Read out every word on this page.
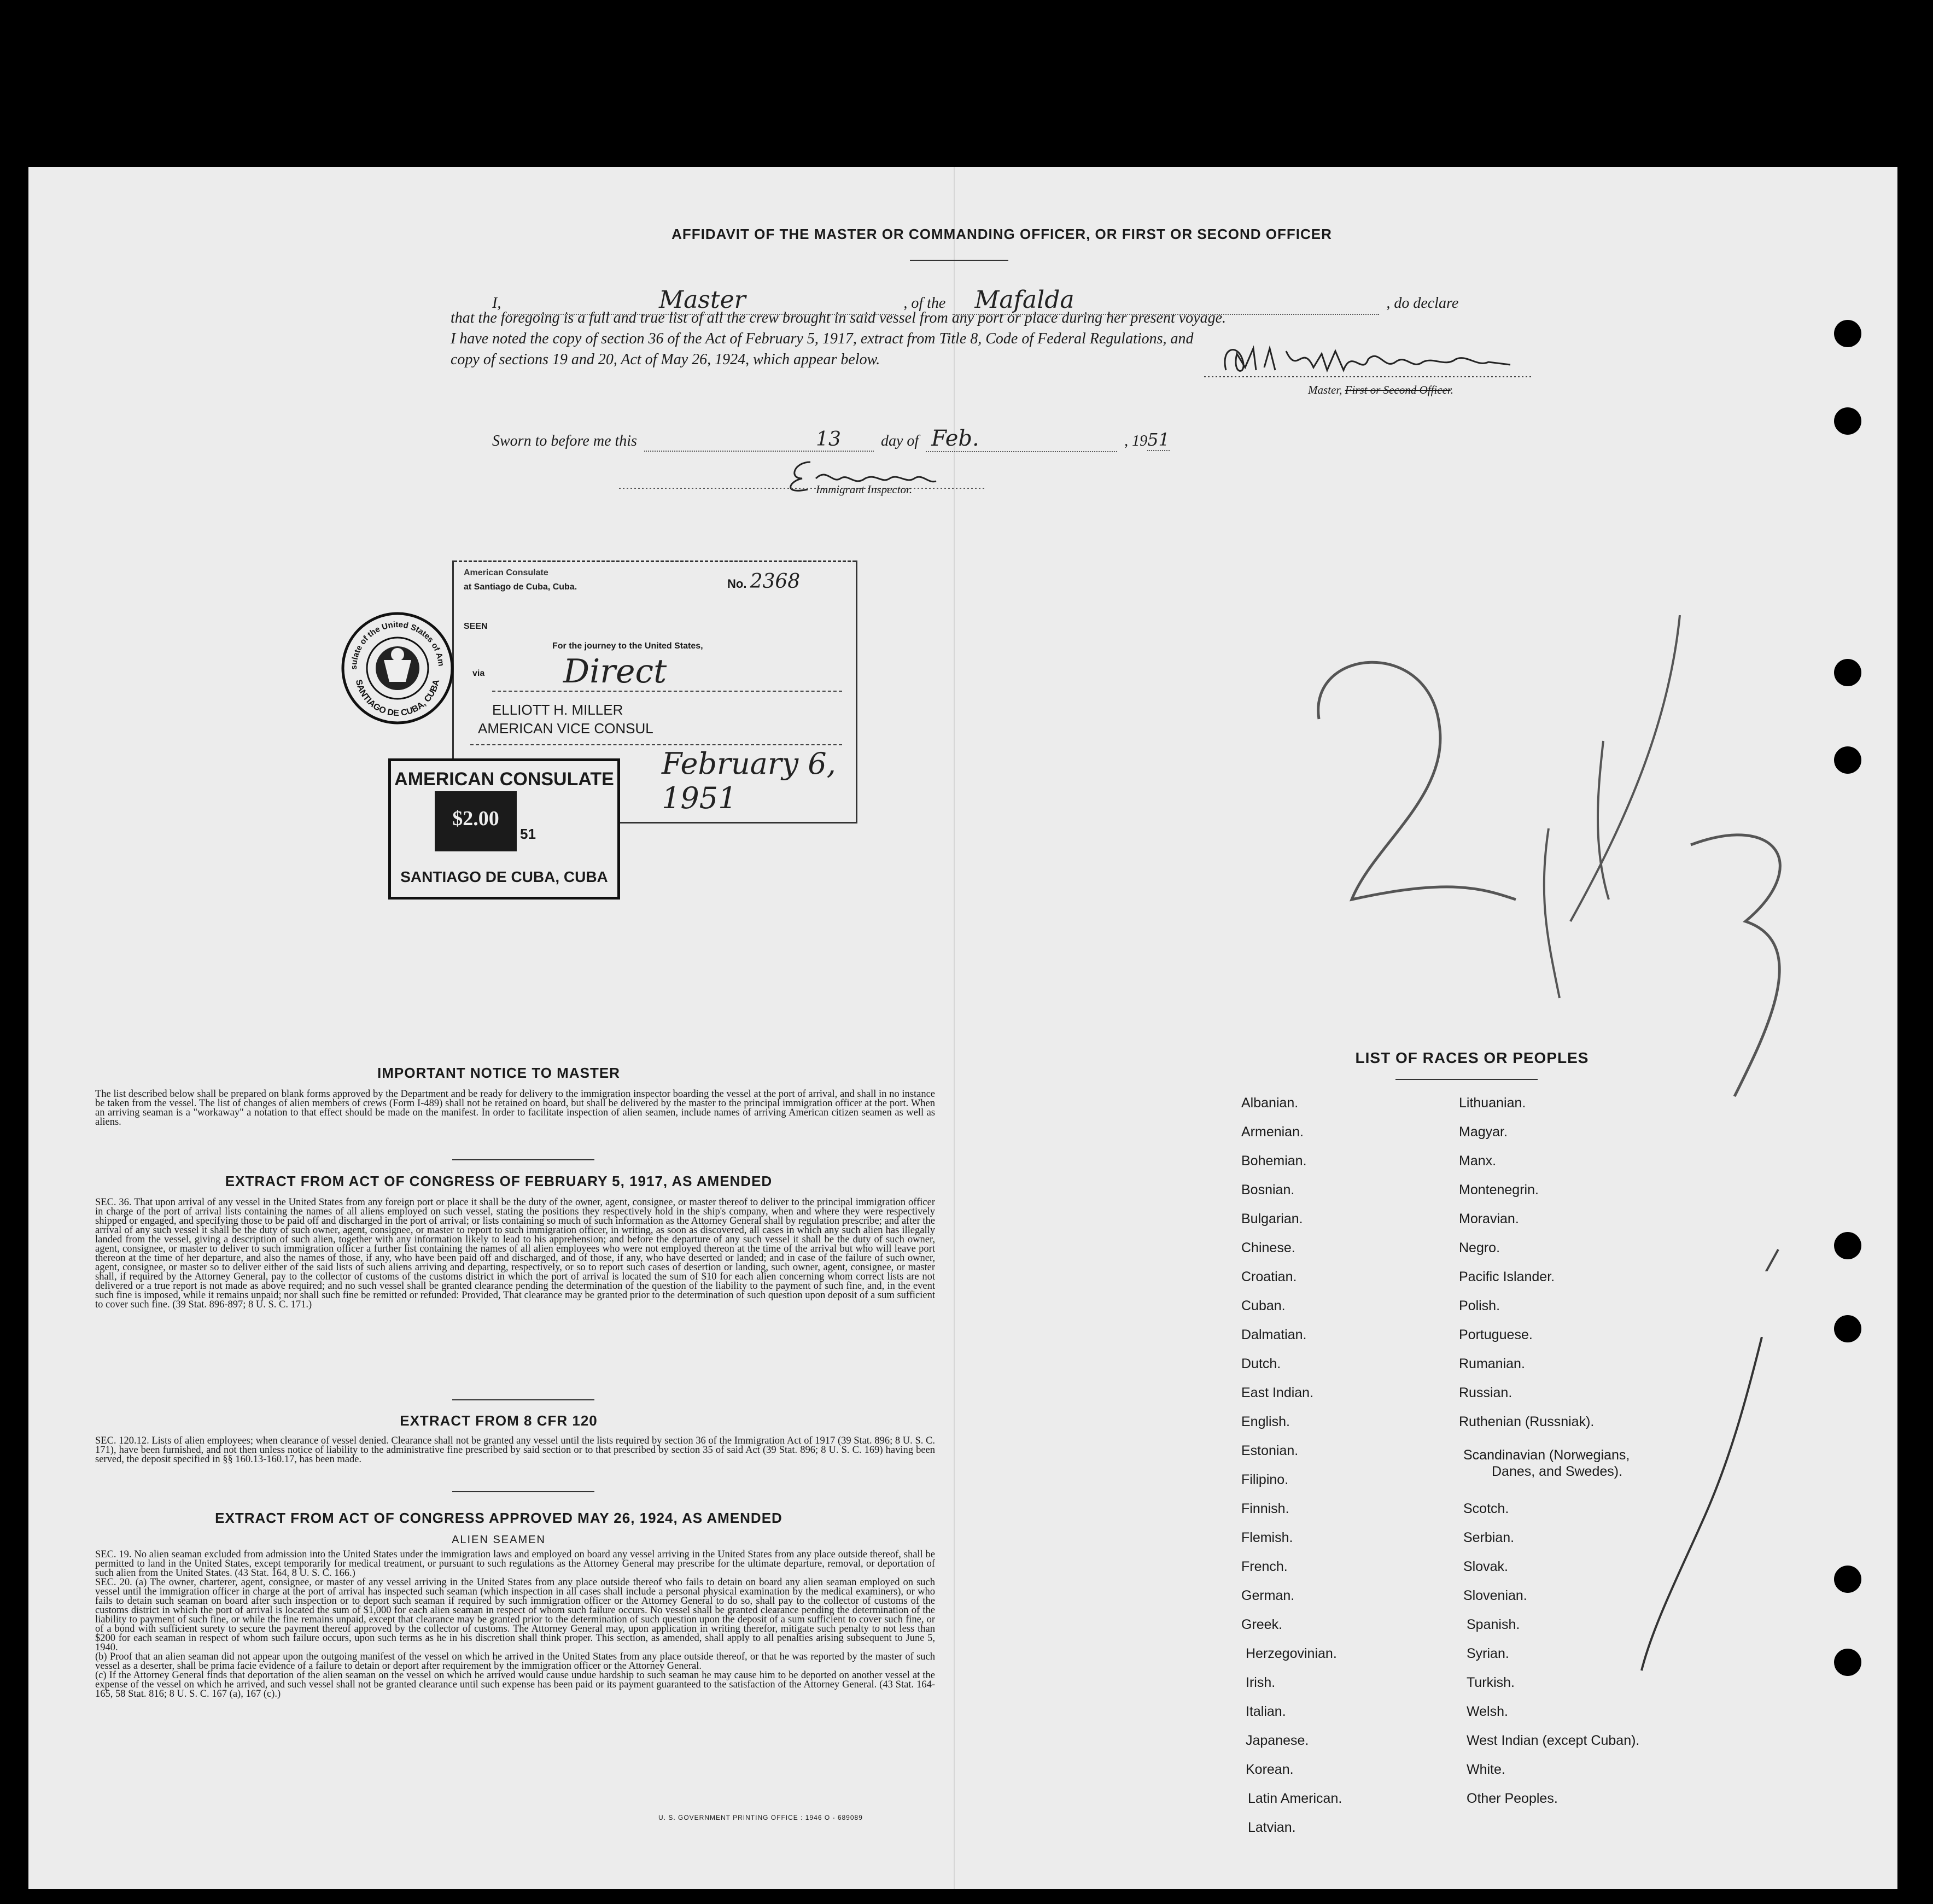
AFFIDAVIT OF THE MASTER OR COMMANDING OFFICER, OR FIRST OR SECOND OFFICER
I,	Master	, of the Mafalda	, do declare
that the foregoing is a full and true list of all the crew brought in said vessel from any port or place during her present voyage.
I have noted the copy of section 36 of the Act of February 5, 1917, extract from Title 8, Code of Federal Regulations, and
copy of sections 19 and 20, Act of May 26, 1924, which appear below.
Master, First or Second Officer.
Sworn to before me this	13	day of Feb.	, 1951
Immigrant Inspector.
American Consulate
at Santiago de Cuba, Cuba.	No. 2368
SEEN
For the journey to the United States,
via Direct
ELLIOTT H. MILLER
AMERICAN VICE CONSUL
February 6, 1951
sulate of the United States of Am
SANTIAGO DE CUBA, CUBA
AMERICAN CONSULATE
$2.00
51
SANTIAGO DE CUBA, CUBA
IMPORTANT NOTICE TO MASTER
The list described below shall be prepared on blank forms approved by the Department and be ready for delivery to the immigration inspector boarding the vessel at the port of arrival, and shall in no instance be taken from the vessel. The list of changes of alien members of crews (Form I-489) shall not be retained on board, but shall be delivered by the master to the principal immigration officer at the port. When an arriving seaman is a "workaway" a notation to that effect should be made on the manifest. In order to facilitate inspection of alien seamen, include names of arriving American citizen seamen as well as aliens.
EXTRACT FROM ACT OF CONGRESS OF FEBRUARY 5, 1917, AS AMENDED
SEC. 36. That upon arrival of any vessel in the United States from any foreign port or place it shall be the duty of the owner, agent, consignee, or master thereof to deliver to the principal immigration officer in charge of the port of arrival lists containing the names of all aliens employed on such vessel, stating the positions they respectively hold in the ship's company, when and where they were respectively shipped or engaged, and specifying those to be paid off and discharged in the port of arrival; or lists containing so much of such information as the Attorney General shall by regulation prescribe; and after the arrival of any such vessel it shall be the duty of such owner, agent, consignee, or master to report to such immigration officer, in writing, as soon as discovered, all cases in which any such alien has illegally landed from the vessel, giving a description of such alien, together with any information likely to lead to his apprehension; and before the departure of any such vessel it shall be the duty of such owner, agent, consignee, or master to deliver to such immigration officer a further list containing the names of all alien employees who were not employed thereon at the time of the arrival but who will leave port thereon at the time of her departure, and also the names of those, if any, who have been paid off and discharged, and of those, if any, who have deserted or landed; and in case of the failure of such owner, agent, consignee, or master so to deliver either of the said lists of such aliens arriving and departing, respectively, or so to report such cases of desertion or landing, such owner, agent, consignee, or master shall, if required by the Attorney General, pay to the collector of customs of the customs district in which the port of arrival is located the sum of $10 for each alien concerning whom correct lists are not delivered or a true report is not made as above required; and no such vessel shall be granted clearance pending the determination of the question of the liability to the payment of such fine, and, in the event such fine is imposed, while it remains unpaid; nor shall such fine be remitted or refunded: Provided, That clearance may be granted prior to the determination of such question upon deposit of a sum sufficient to cover such fine. (39 Stat. 896-897; 8 U. S. C. 171.)
EXTRACT FROM 8 CFR 120
SEC. 120.12. Lists of alien employees; when clearance of vessel denied. Clearance shall not be granted any vessel until the lists required by section 36 of the Immigration Act of 1917 (39 Stat. 896; 8 U. S. C. 171), have been furnished, and not then unless notice of liability to the administrative fine prescribed by said section or to that prescribed by section 35 of said Act (39 Stat. 896; 8 U. S. C. 169) having been served, the deposit specified in §§ 160.13-160.17, has been made.
EXTRACT FROM ACT OF CONGRESS APPROVED MAY 26, 1924, AS AMENDED
ALIEN SEAMEN
SEC. 19. No alien seaman excluded from admission into the United States under the immigration laws and employed on board any vessel arriving in the United States from any place outside thereof, shall be permitted to land in the United States, except temporarily for medical treatment, or pursuant to such regulations as the Attorney General may prescribe for the ultimate departure, removal, or deportation of such alien from the United States. (43 Stat. 164, 8 U. S. C. 166.)
SEC. 20. (a) The owner, charterer, agent, consignee, or master of any vessel arriving in the United States from any place outside thereof who fails to detain on board any alien seaman employed on such vessel until the immigration officer in charge at the port of arrival has inspected such seaman (which inspection in all cases shall include a personal physical examination by the medical examiners), or who fails to detain such seaman on board after such inspection or to deport such seaman if required by such immigration officer or the Attorney General to do so, shall pay to the collector of customs of the customs district in which the port of arrival is located the sum of $1,000 for each alien seaman in respect of whom such failure occurs. No vessel shall be granted clearance pending the determination of the liability to payment of such fine, or while the fine remains unpaid, except that clearance may be granted prior to the determination of such question upon the deposit of a sum sufficient to cover such fine, or of a bond with sufficient surety to secure the payment thereof approved by the collector of customs. The Attorney General may, upon application in writing therefor, mitigate such penalty to not less than $200 for each seaman in respect of whom such failure occurs, upon such terms as he in his discretion shall think proper. This section, as amended, shall apply to all penalties arising subsequent to June 5, 1940.
(b) Proof that an alien seaman did not appear upon the outgoing manifest of the vessel on which he arrived in the United States from any place outside thereof, or that he was reported by the master of such vessel as a deserter, shall be prima facie evidence of a failure to detain or deport after requirement by the immigration officer or the Attorney General.
(c) If the Attorney General finds that deportation of the alien seaman on the vessel on which he arrived would cause undue hardship to such seaman he may cause him to be deported on another vessel at the expense of the vessel on which he arrived, and such vessel shall not be granted clearance until such expense has been paid or its payment guaranteed to the satisfaction of the Attorney General. (43 Stat. 164-165, 58 Stat. 816; 8 U. S. C. 167 (a), 167 (c).)
U. S. GOVERNMENT PRINTING OFFICE : 1946 O - 689089
LIST OF RACES OR PEOPLES
Albanian.
Armenian.
Bohemian.
Bosnian.
Bulgarian.
Chinese.
Croatian.
Cuban.
Dalmatian.
Dutch.
East Indian.
English.
Estonian.
Filipino.
Finnish.
Flemish.
French.
German.
Greek.
Herzegovinian.
Irish.
Italian.
Japanese.
Korean.
Latin American.
Latvian.
Lithuanian.
Magyar.
Manx.
Montenegrin.
Moravian.
Negro.
Pacific Islander.
Polish.
Portuguese.
Rumanian.
Russian.
Ruthenian (Russniak).
Scandinavian (Norwegians,
Danes, and Swedes).
Scotch.
Serbian.
Slovak.
Slovenian.
Spanish.
Syrian.
Turkish.
Welsh.
West Indian (except Cuban).
White.
Other Peoples.
